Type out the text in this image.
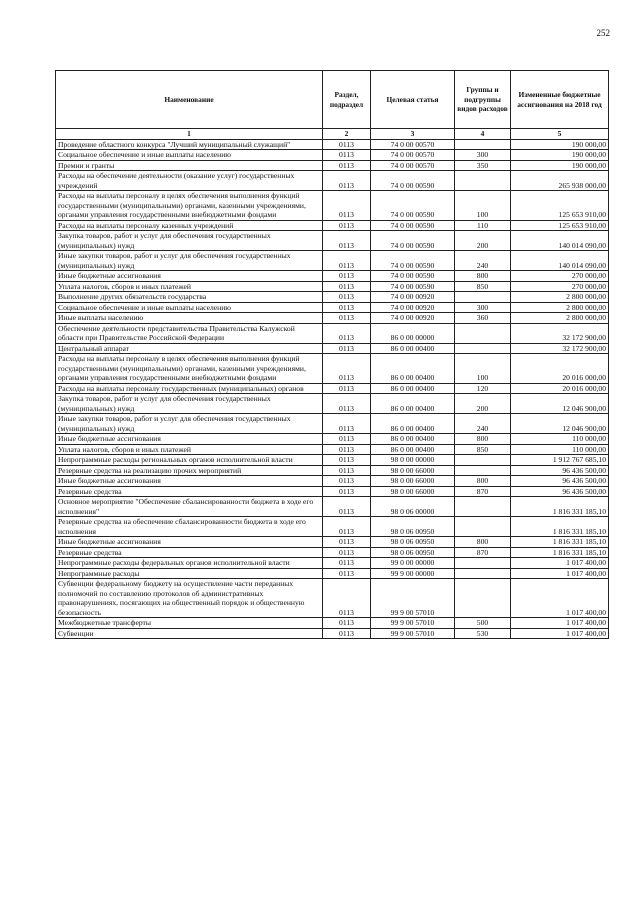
252
Наименование	Раздел, подраздел	Целевая статья	Группы и подгруппы видов расходов	Измененные бюджетные ассигнования на 2018 год
1	2	3	4	5
Проведение областного конкурса "Лучший муниципальный служащий"	0113	74 0 00 00570		190 000,00
Социальное обеспечение и иные выплаты населению	0113	74 0 00 00570	300	190 000,00
Премии и гранты	0113	74 0 00 00570	350	190 000,00
Расходы на обеспечение деятельности (оказание услуг) государственных учреждений	0113	74 0 00 00590		265 938 000,00
Расходы на выплаты персоналу в целях обеспечения выполнения функций государственными (муниципальными) органами, казенными учреждениями, органами управления государственными внебюджетными фондами	0113	74 0 00 00590	100	125 653 910,00
Расходы на выплаты персоналу казенных учреждений	0113	74 0 00 00590	110	125 653 910,00
Закупка товаров, работ и услуг для обеспечения государственных (муниципальных) нужд	0113	74 0 00 00590	200	140 014 090,00
Иные закупки товаров, работ и услуг для обеспечения государственных (муниципальных) нужд	0113	74 0 00 00590	240	140 014 090,00
Иные бюджетные ассигнования	0113	74 0 00 00590	800	270 000,00
Уплата налогов, сборов и иных платежей	0113	74 0 00 00590	850	270 000,00
Выполнение других обязательств государства	0113	74 0 00 00920		2 800 000,00
Социальное обеспечение и иные выплаты населению	0113	74 0 00 00920	300	2 800 000,00
Иные выплаты населению	0113	74 0 00 00920	360	2 800 000,00
Обеспечение деятельности представительства Правительства Калужской области при Правительстве Российской Федерации	0113	86 0 00 00000		32 172 900,00
Центральный аппарат	0113	86 0 00 00400		32 172 900,00
Расходы на выплаты персоналу в целях обеспечения выполнения функций государственными (муниципальными) органами, казенными учреждениями, органами управления государственными внебюджетными фондами	0113	86 0 00 00400	100	20 016 000,00
Расходы на выплаты персоналу государственных (муниципальных) органов	0113	86 0 00 00400	120	20 016 000,00
Закупка товаров, работ и услуг для обеспечения государственных (муниципальных) нужд	0113	86 0 00 00400	200	12 046 900,00
Иные закупки товаров, работ и услуг для обеспечения государственных (муниципальных) нужд	0113	86 0 00 00400	240	12 046 900,00
Иные бюджетные ассигнования	0113	86 0 00 00400	800	110 000,00
Уплата налогов, сборов и иных платежей	0113	86 0 00 00400	850	110 000,00
Непрограммные расходы региональных органов исполнительной власти	0113	98 0 00 00000		1 912 767 685,10
Резервные средства на реализацию прочих мероприятий	0113	98 0 00 66000		96 436 500,00
Иные бюджетные ассигнования	0113	98 0 00 66000	800	96 436 500,00
Резервные средства	0113	98 0 00 66000	870	96 436 500,00
Основное мероприятие "Обеспечение сбалансированности бюджета в ходе его исполнения"	0113	98 0 06 00000		1 816 331 185,10
Резервные средства на обеспечение сбалансированности бюджета в ходе его исполнения	0113	98 0 06 00950		1 816 331 185,10
Иные бюджетные ассигнования	0113	98 0 06 00950	800	1 816 331 185,10
Резервные средства	0113	98 0 06 00950	870	1 816 331 185,10
Непрограммные расходы федеральных органов исполнительной власти	0113	99 0 00 00000		1 017 400,00
Непрограммные расходы	0113	99 9 00 00000		1 017 400,00
Субвенции федеральному бюджету на осуществление части переданных полномочий по составлению протоколов об административных правонарушениях, посягающих на общественный порядок и общественную безопасность	0113	99 9 00 57010		1 017 400,00
Межбюджетные трансферты	0113	99 9 00 57010	500	1 017 400,00
Субвенции	0113	99 9 00 57010	530	1 017 400,00
